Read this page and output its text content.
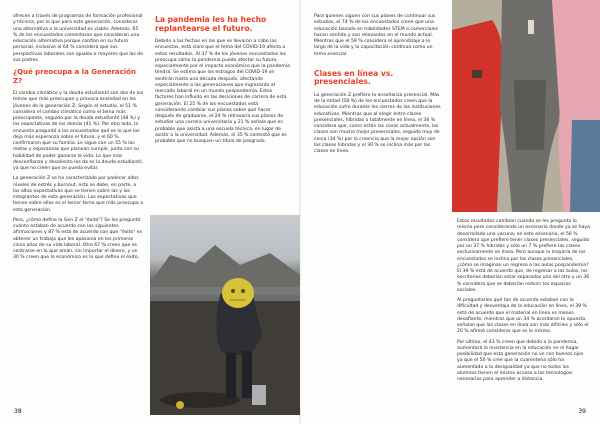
ofrecen a través de programas de formación profesional y técnica, por lo que para esta generación, considerar una alternativa a la universidad es viable. Además, 65 % de los encuestados comentaron que consideran una educación alternativa porque confían en su futuro personal, inclusive el 64 % considera que sus perspectivas laborales son iguales o mayores que las de sus padres.

¿Qué preocupa a la Generación Z?

El cambio climático y la deuda estudiantil son dos de los temas que más preocupan y provoca ansiedad en los jóvenes de la generación Z. Según el estudio, el 51 % considera el cambio climático como el tema más preocupante, seguido por la deuda estudiantil (48 %) y las expectativas de los demás (41 %). Por otro lado, la encuesta preguntó a los encuestados qué es lo que los deja más esperanza sobre el futuro, y el 60 % confirmaron que su familia. Le sigue con un 55 % las metas y esperanzas que planean cumplir, junto con su habilidad de poder ganarse la vida. Lo que más desconfianza y desaliento les da es la deuda estudiantil, ya que no creen que se pueda evitar.

La generación Z se ha caracterizado por padecer altos niveles de estrés y burnout, esto se debe, en parte, a las altas expectativas que se tienen sobre las y los integrantes de esta generación. Las expectativas que tienen sobre ellos es el tercer tema que más preocupa a esta generación.

Pero, ¿cómo define la Gen Z el "éxito"? Se les preguntó cuánto estaban de acuerdo con las siguientes afirmaciones y 87 % está de acuerdo con que "éxito" es obtener un trabajo que les apasiona en los primeros cinco años de su vida laboral. Otro 67 % creen que es centrarse en lo que aman, sin importar el dinero, y un 30 % creen que lo económico es lo que define el éxito.

La pandemia les ha hecho replantearse el futuro.

Debido a las fechas en las que se llevaron a cabo las encuestas, está claro que el tema del COVID-19 afecta a estos resultados. Al 37 % de los jóvenes encuestados les preocupa cómo la pandemia puede afectar su futuro, especialmente por el impacto económico que la pandemia tendrá. Se estima que los estragos del COVID-19 se sentirán hasta una década después, afectando especialmente a las generaciones que ingresarán al mercado laboral en un mundo pospandemia. Estos factores han influido en las decisiones de carrera de esta generación. El 25 % de los encuestados está considerando cambiar sus planes sobre qué hacer después de graduarse, el 24 % retrasaría sus planes de estudiar una carrera universitaria y 21 % señala que es probable que asista a una escuela técnica, en lugar de asistir a la universidad. Además, el 35 % contestó que es probable que no busquen un título de posgrado.

38

Para quienes siguen con sus planes de continuar sus estudios, el 74 % de los encuestados creen que una educación basada en habilidades STEM o comerciales hacen sentido y son relevantes en el mundo actual. Mientras que el 59 % considera el aprendizaje a lo largo de la vida y la capacitación continua como un tema esencial.

Clases en línea vs. presenciales.

La generación Z prefiere la enseñanza presencial. Más de la mitad (58 %) de los encuestados creen que la educación sufre durante los cierres de las instituciones educativas. Mientras que al elegir entre clases presenciales, híbridas o totalmente en línea, el 36 % considera que, como están las cosas actualmente, las clases son mucho mejor presenciales, seguido muy de cerca (34 %) por la creencia que la mejor opción son las clases híbridas y el 30 % se inclina más por las clases en línea.

Estos resultados cambian cuando se les pregunta lo mismo pero considerando un escenario donde ya se haya desarrollado una vacuna; en este escenario, el 56 % considera que prefiere tener clases presenciales, seguido por un 37 % híbridas y sólo un 7 % prefiere las clases exclusivamente en línea. Pero aunque la mayoría de los encuestados se inclina por las clases presenciales, ¿cómo se imaginan un regreso a las aulas pospandemia? El 39 % está de acuerdo que, de regresar a las aulas, los escritorios deberían estar separados uno del otro y un 36 % considera que se deberían reducir los espacios sociales.

Al preguntarles qué tan de acuerdo estaban con la dificultad y desventaja de la educación en línea, el 39 % está de acuerdo que el material en línea es menos desafiante, mientras que un 34 % acordaron lo opuesto, señalan que las clases en línea son más difíciles y sólo el 20 % afirmó considerar que es lo mismo.

Por último, el 43 % creen que debido a la pandemia, aumentará la insistencia en la educación en el hogar posibilidad que esta generación no ve con buenos ojos ya que el 50 % cree que la cuarentena sólo ha aumentado a la desigualdad ya que no todos los alumnos tienen el mismo acceso a las tecnologías necesarias para aprender a distancia.

39
